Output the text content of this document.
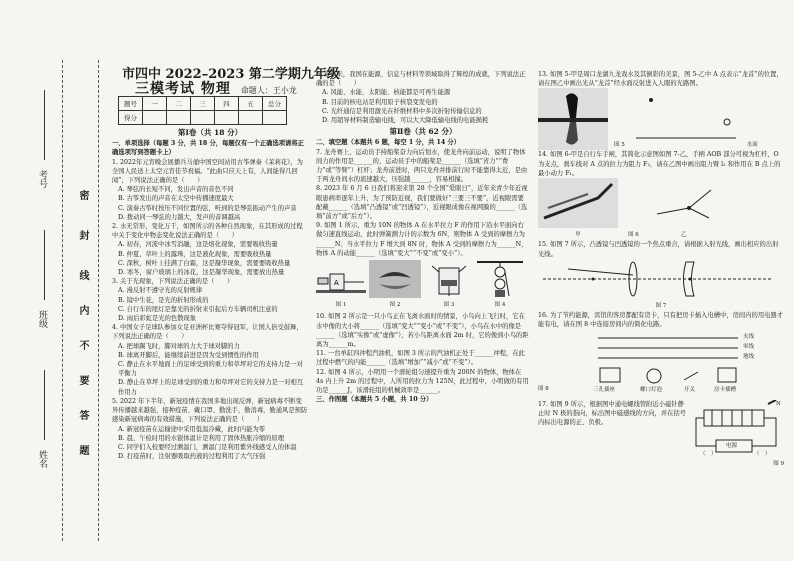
考号
班级
姓名
密
封
线
内
不
要
答
题
市四中 2022–2023 第二学期九年级
三模考试 物理 命题人：王小龙
题号	一	二	三	四	五	总分
得分						

第Ⅰ卷（共 18 分）

一、单项选择（每题 3 分，共 18 分，每题仅有一个正确选项请将正确选项写到答题卡上）

1. 2022年元宵晚会展播兵马俑中国空间站用古筝弹奏《茉莉花》，为全国人民送上太空元宵佳节祝福。“此曲只应天上有，人间能得几回闻”，下列说法正确的是（　　）

A. 琴弦的长短不同，发出声音的音色不同

B. 古筝发出的声音在太空中传播速度最大

C. 演奏古筝时按压不同位置的弦，听到的是琴弦振动产生的声音

D. 拨动同一琴弦的力越大，发声的音调越高

2. 水无常形，变化万千，如图所示的各种自然现象，在其形成的过程中关于变化中物态变化说法正确的是（　　）

A. 初春，河流中冰雪消融，这是熔化现象，需要吸收热量

B. 仲夏，草叶上的露珠，这是液化现象，需要吸收热量

C. 深秋，树叶上挂满了白霜，这是凝华现象，需要要吸收热量

D. 寒冬，窗户玻璃上的冰花，这是凝华现象，需要放出热量

3. 关于光现象，下列说法正确的是（　　）

A. 漫反射不遵守光的反射规律

B. 镜中生花，是光的折射形成的

C. 自行车的尾灯是靠光的折射来引起后方车辆司机注意的

D. 雨后彩虹是光的色散现象

4. 中国女子足球队参加女足亚洲杯比赛夺得冠军，让国人倍受鼓舞，下列说法正确的是（　　）

A. 把球踢飞时，脚对球的力大于球对脚的力

B. 球离开脚后，能继续前进是因为受到惯性的作用

C. 静止在水平地面上的足球受到的重力和草坪对它的支持力是一对平衡力

D. 静止在草坪上的足球受到的重力和草坪对它的支持力是一对相互作用力

5. 2022 年下半年，新冠疫情在我国多地出现反弹，新冠病毒不断变异传播越来越强，接种疫苗、戴口罩、勤洗手，勤消毒，勤通风是预防感染新冠病毒的有效措施，下列说法正确的是（　　）

A. 新冠疫苗在运输途中采用低温冷藏，此时内能为零

B. 晨、午检时用的水银体温计是利用了固体热胀冷缩的原理

C. 同学们入校要经过测温门，测温门是利用紫外线感受人的体温

D. 打疫苗时，注射器吸取药液的过程利用了大气压强

6. 近年来，我国在能源、信息与材料等领域取得了辉煌的成就，下列说法正确的是（　　）

A. 风能、水能、太阳能、核能都是可再生能源

B. 目前的核电站是利用原子核裂变发电的

C. 光纤通信是利用激光在纤维材料中多次折射传输信息的

D. 用超导材料制造输电线，可以大大降低输电线的电能损耗

第Ⅱ卷（共 62 分）

二、填空题（本题共 6 题，每空 1 分，共 14 分）

7. 龙舟赛上，运动员手持船桨奋力向后划水，使龙舟向前运动，说明了物体间力的作用是______的，运动员手中的船桨是______（选填“省力”“费力”或“等臂”）杠杆；龙舟前进时，两只龙舟并排前行时不能靠得太近，是由于两龙舟间水的流速越大，压强越______，容易相撞。

8. 2023 年 6 月 6 日我们将迎来第 28 个全国“爱眼日”，近年来青少年近视眼患病率逐年上升，为了预防近视，我们要做好“三要三不要”，近视眼需要配戴______（选填“凸透镜”或“凹透镜”），近视眼成像在视网膜的______（选填“前方”或“后方”）。

9. 如图 1 所示，重为 10N 的物体 A 在水平拉力 F 的作用下沿水平面向右做匀速直线运动，此时弹簧测力计的示数为 6N，则物体 A 受到的摩擦力为______N；当水平拉力 F 增大到 8N 时，物体 A 受到的摩擦力为______N，物体 A 的动能______（选填“变大”“不变”或“变小”）。

A
图 1	图 2	图 3	图 4

10. 如图 2 所示是一只小鸟正在飞离水面时的情景，小鸟向上飞行时，它在水中像的大小将______（选填“变大”“变小”或“不变”），小鸟在水中的像是______（选填“实像”或“虚像”），若小鸟距离水面 2m 时，它的像到小鸟的距离为______m。

11. 一台单缸四冲程汽油机，如图 3 所示的汽油机正处于______冲程，在此过程中燃气的内能______（选填“增加”“减小”或“不变”）。

12. 如图 4 所示，小明用一个滑轮组匀速提升重为 200N 的物体，物体在 4s 内上升 2m 的过程中，人所用的拉力为 125N，此过程中，小明做的有用功是______J，该滑轮组的机械效率是______。

三、作图题（本题共 5 小题，共 10 分）

13. 如图 5-甲是周口龙湖九龙戏水及其倒影的美景，图 5-乙中 A 点表示“龙首”的位置，请在图乙中画出光从“龙首”经水面反射进入人眼的光路图。

图 5	水面

14. 如图 6-甲是自行车手闸，其简化示意图如图 7-乙，手柄 AOB 部分可视为杠杆，O 为支点，刹车线对 A 点的拉力为阻力 F₂，请在乙图中画出阻力臂 l₂ 和作用在 B 点上的最小动力 F₁。

甲	图 6	乙

15. 如图 7 所示，凸透镜与凹透镜的一个焦点重合，请根据入射光线，画出相应的出射光线。

图 7

16. 为了节约能源，宾馆的客房都配有房卡，只有把房卡插入电槽中，房间内的用电器才能有电，请在图 8 中连接房间内的简化电路。

火线
零线
地线
图 8	三孔插座	螺口灯泡	开关	房卡插槽

17. 如图 9 所示，根据图中通电螺线管附近小磁针静止时 N 极的指向，标出图中磁感线的方向，并在括号内标出电源的正、负极。

N
电源
（　）	（　）
图 9
